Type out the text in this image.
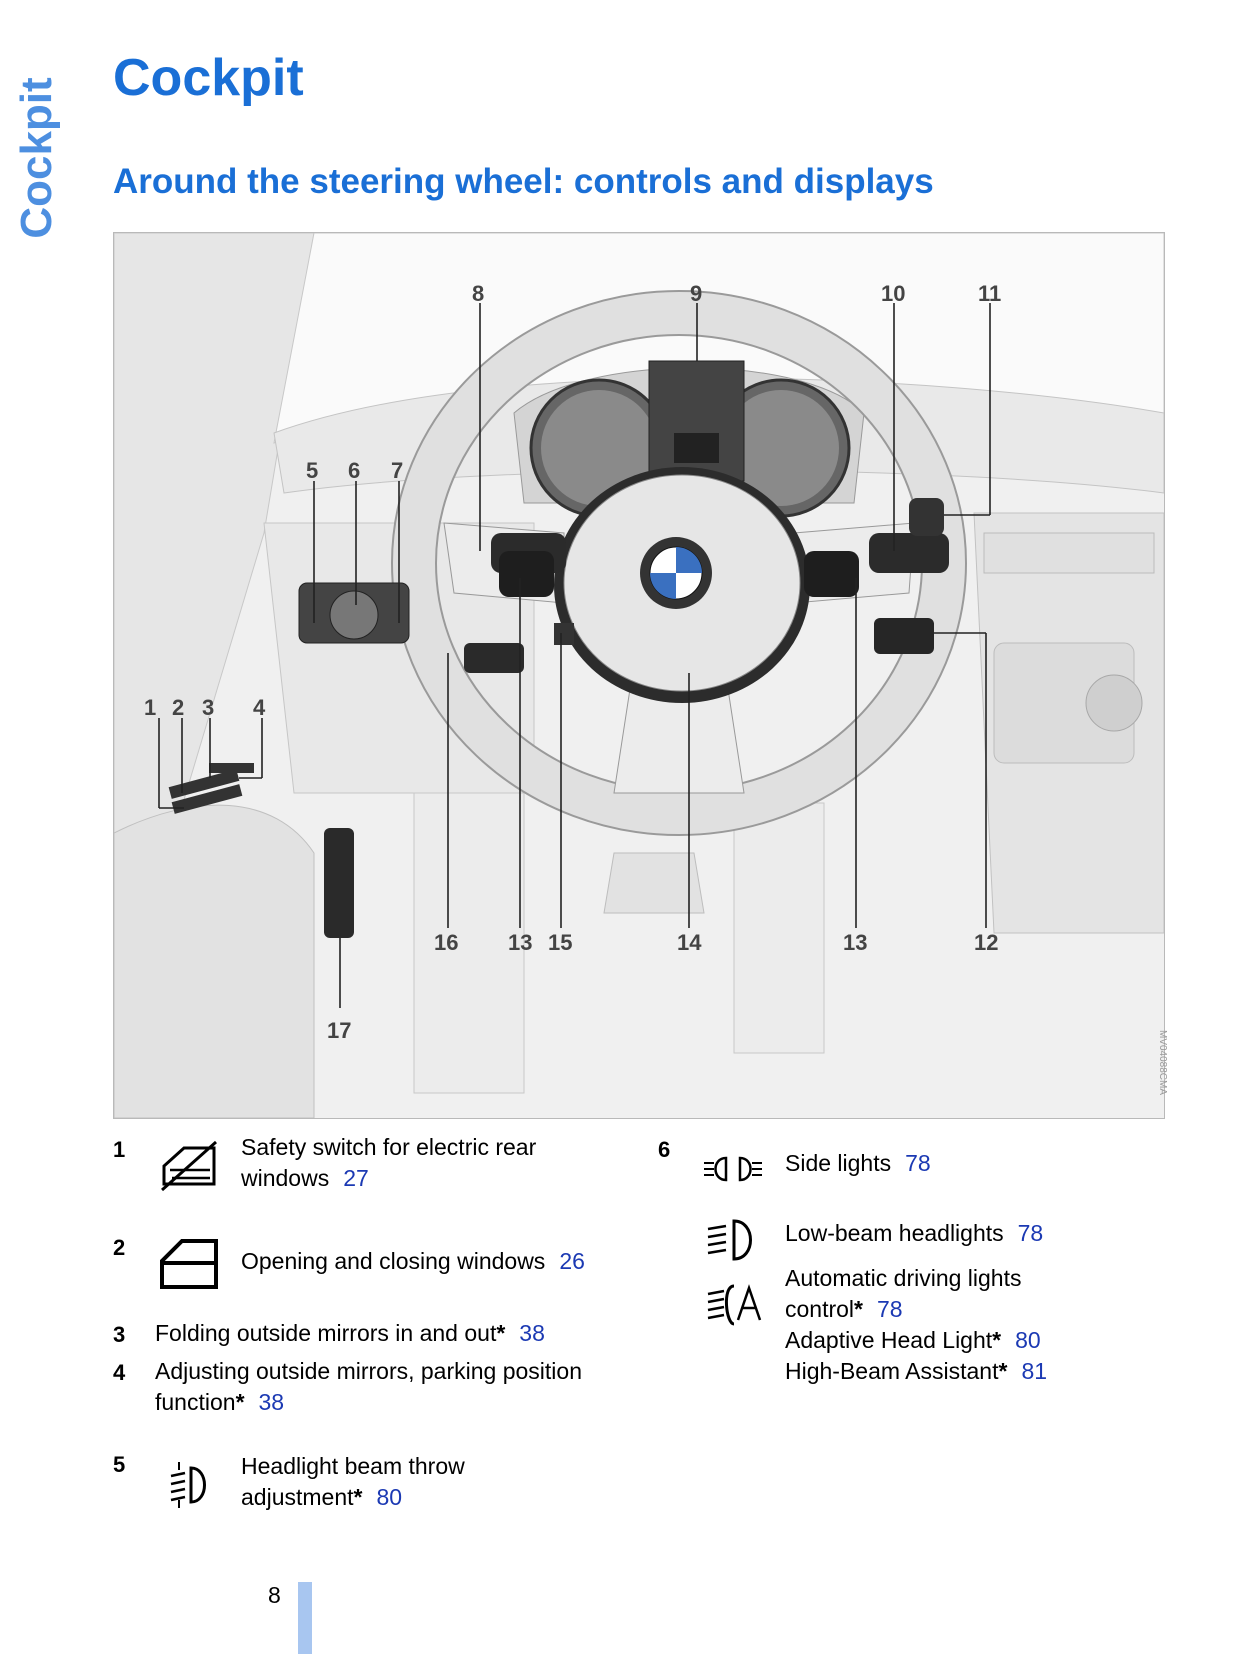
Cockpit Cockpit
Around the steering wheel: controls and displays
1 2 3 4
5 6 7
8	9	10	11
12
13	13
14
15
16
17	MV04088CMA
1	Safety switch for electric rear
windows 27
2
Opening and closing windows 26
3 Folding outside mirrors in and out* 38
4 Adjusting outside mirrors, parking position
function* 38
5	Headlight beam throw
adjustment* 80
6
Side lights 78
Low-beam headlights 78
Automatic driving lights
control* 78
Adaptive Head Light* 80
High-Beam Assistant* 81
8
